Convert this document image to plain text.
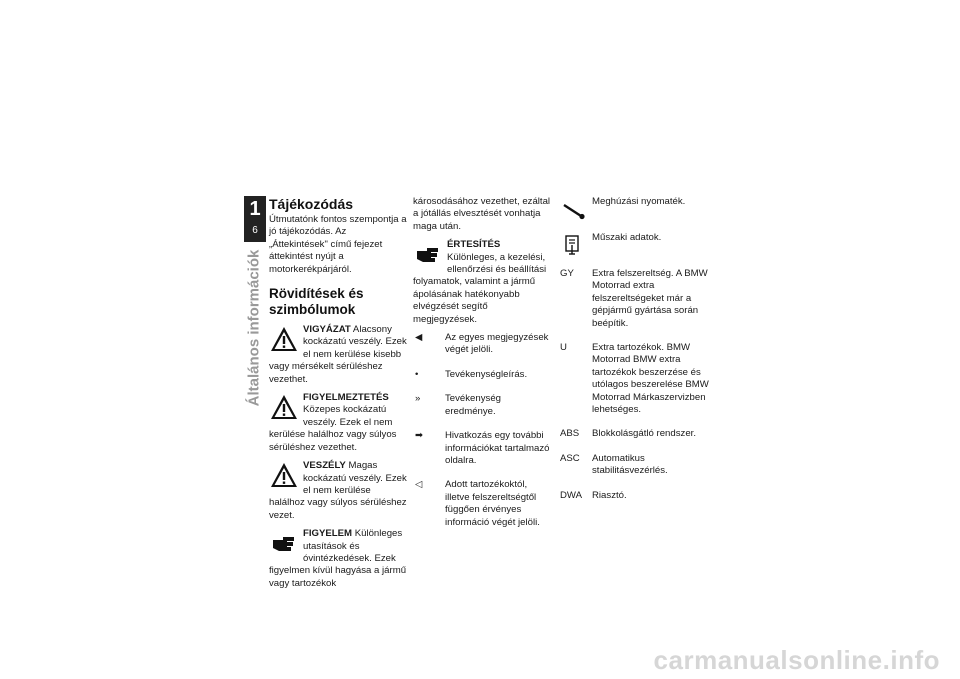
1
6
Általános információk
Tájékozódás

Útmutatónk fontos szempontja a jó tájékozódás. Az „Áttekintések" című fejezet áttekintést nyújt a motorkerékpárjáról.

Rövidítések és szimbólumok
VIGYÁZAT Alacsony kockázatú veszély. Ezek el nem kerülése kisebb vagy mérsékelt sérüléshez vezethet.
FIGYELMEZTETÉS Közepes kockázatú veszély. Ezek el nem kerülése halálhoz vagy súlyos sérüléshez vezethet.
VESZÉLY Magas kockázatú veszély. Ezek el nem kerülése halálhoz vagy súlyos sérüléshez vezet.
FIGYELEM Különleges utasítások és óvintézkedések. Ezek figyelmen kívül hagyása a jármű vagy tartozékok

károsodásához vezethet, ezáltal a jótállás elvesztését vonhatja maga után.

ÉRTESÍTÉS Különleges, a kezelési, ellenőrzési és beállítási folyamatok, valamint a jármű ápolásának hatékonyabb elvégzését segítő megjegyzések.
◀	Az egyes megjegyzések végét jelöli.
•	Tevékenységleírás.
»	Tevékenység eredménye.
➡	Hivatkozás egy további információkat tartalmazó oldalra.
◁	Adott tartozékoktól, illetve felszereltségtől függően érvényes információ végét jelöli.
Meghúzási nyomaték.
Műszaki adatok.
GY	Extra felszereltség. A BMW Motorrad extra felszereltségeket már a gépjármű gyártása során beépítik.
U	Extra tartozékok. BMW Motorrad BMW extra tartozékok beszerzése és utólagos beszerelése BMW Motorrad Márkaszervizben lehetséges.
ABS	Blokkolásgátló rendszer.
ASC	Automatikus stabilitásvezérlés.
DWA	Riasztó.
carmanualsonline.info
